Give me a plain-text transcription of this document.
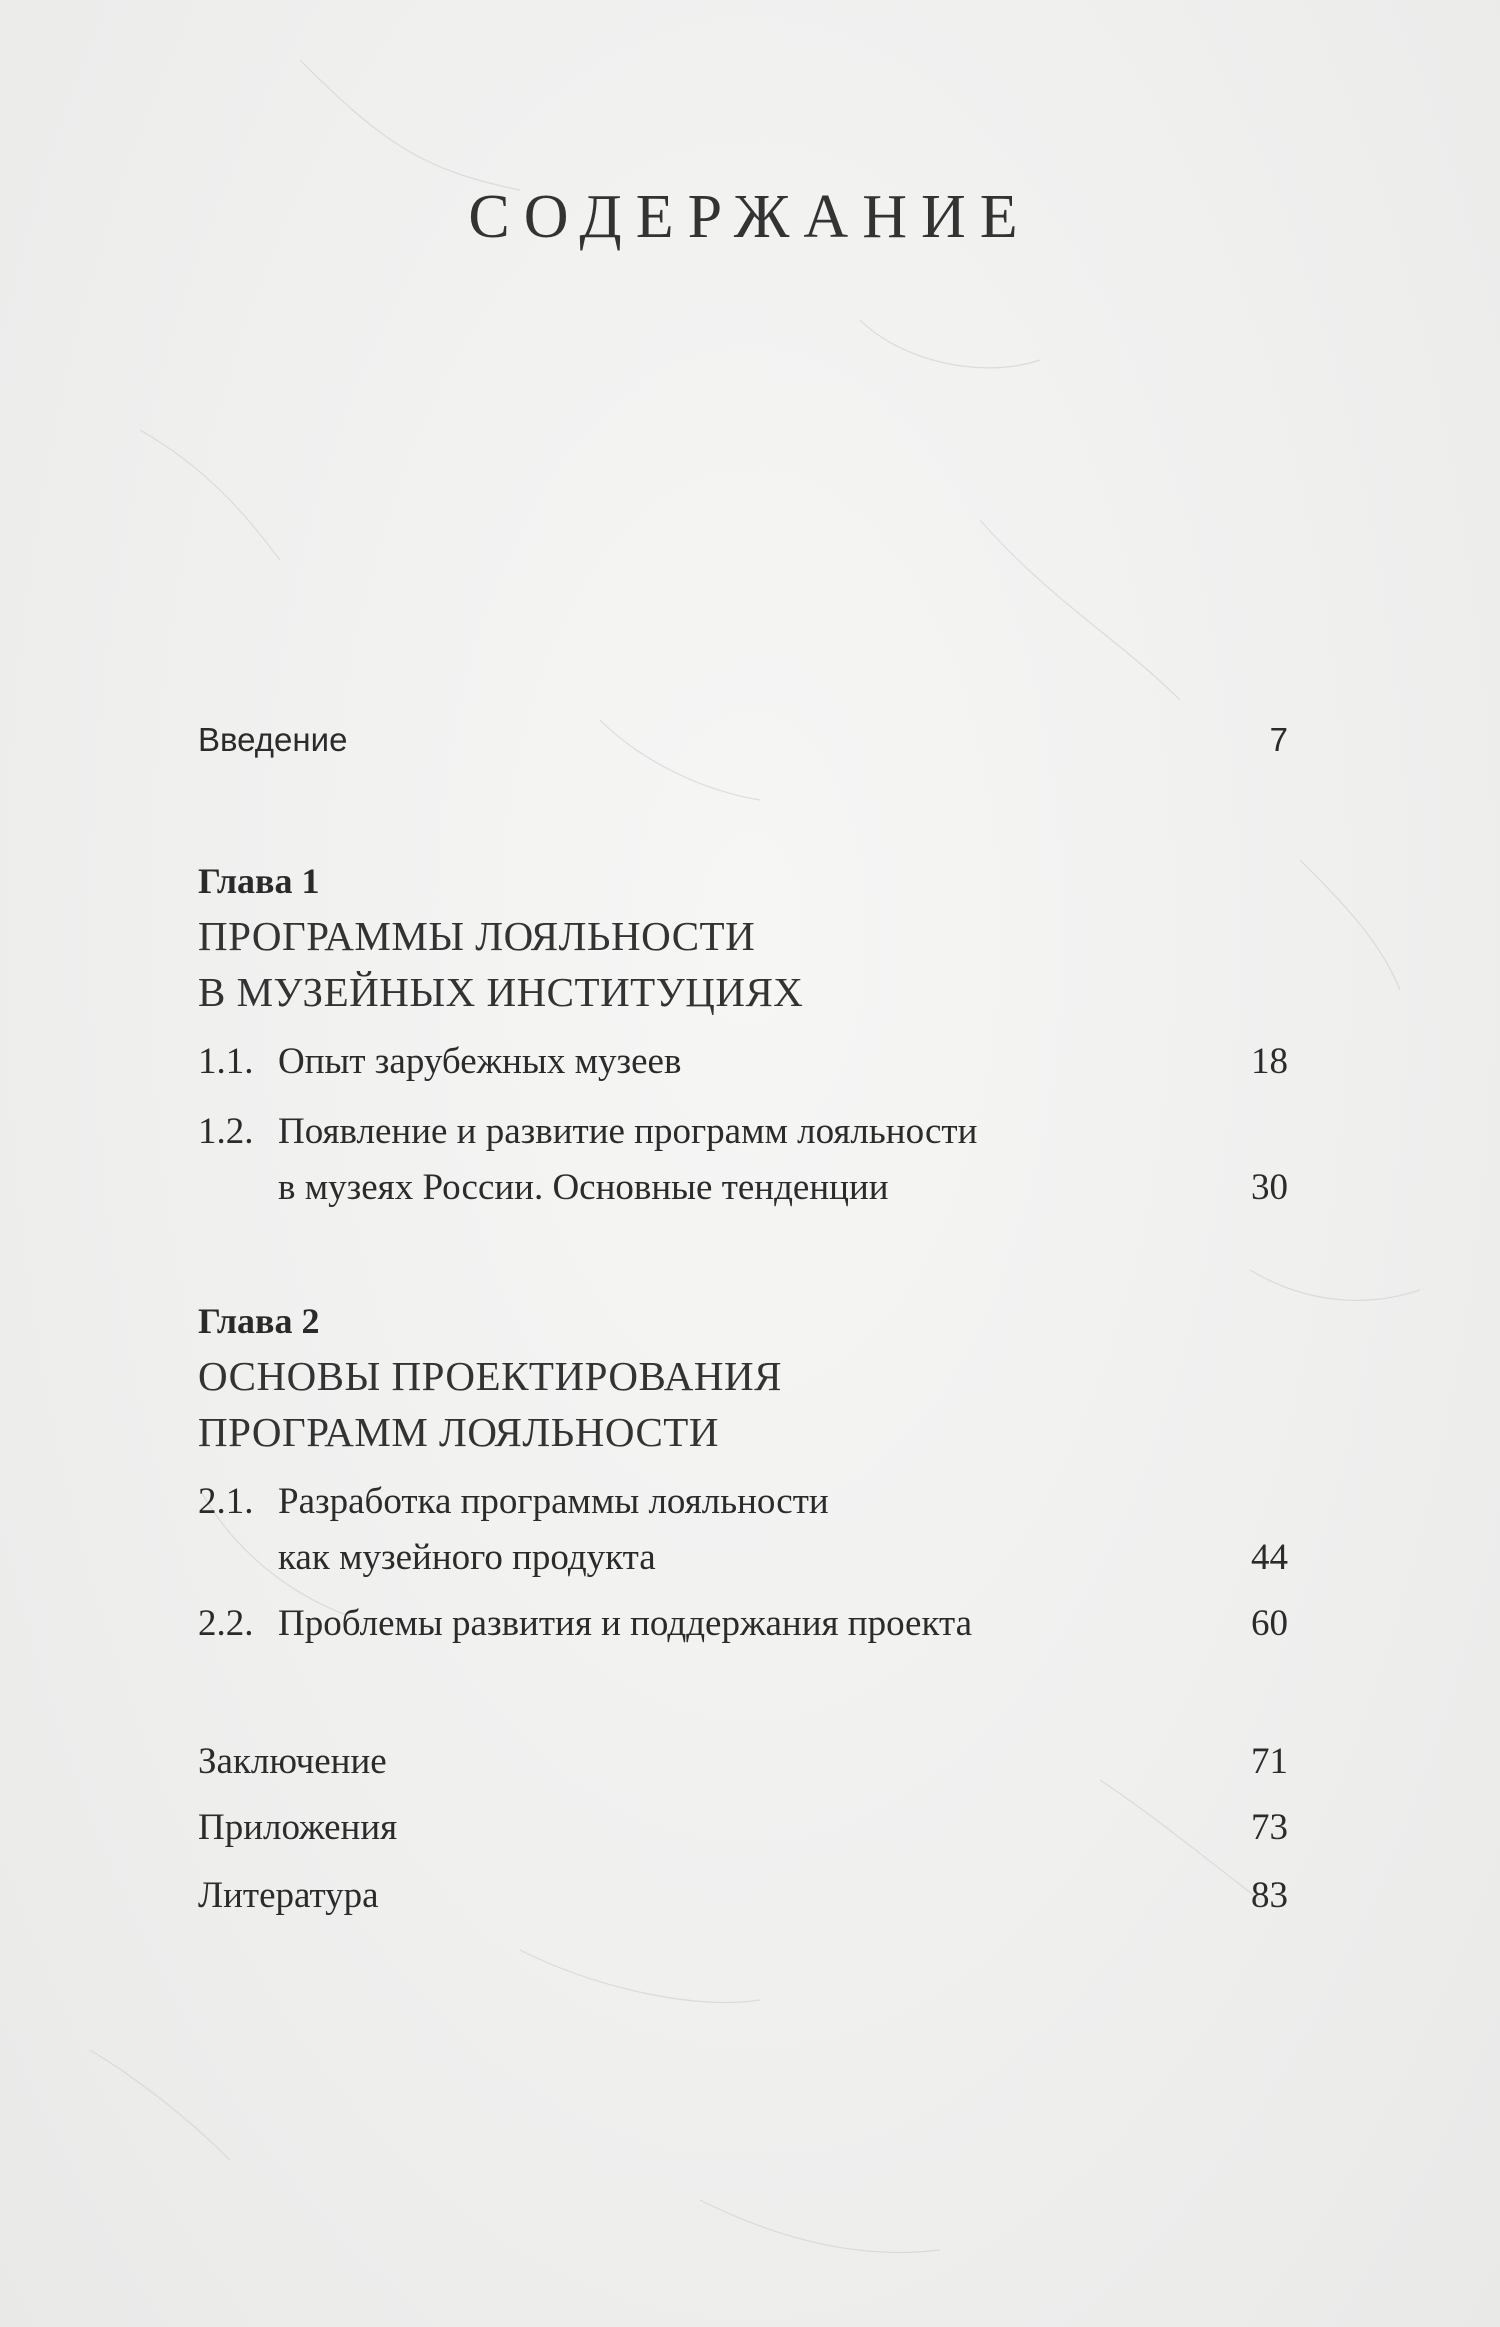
СОДЕРЖАНИЕ
Введение	7
Глава 1
ПРОГРАММЫ ЛОЯЛЬНОСТИ
В МУЗЕЙНЫХ ИНСТИТУЦИЯХ
1.1. Опыт зарубежных музеев	18
1.2. Появление и развитие программ лояльности
в музеях России. Основные тенденции	30
Глава 2
ОСНОВЫ ПРОЕКТИРОВАНИЯ
ПРОГРАММ ЛОЯЛЬНОСТИ
2.1. Разработка программы лояльности
как музейного продукта	44
2.2. Проблемы развития и поддержания проекта	60
Заключение	71
Приложения	73
Литература	83
